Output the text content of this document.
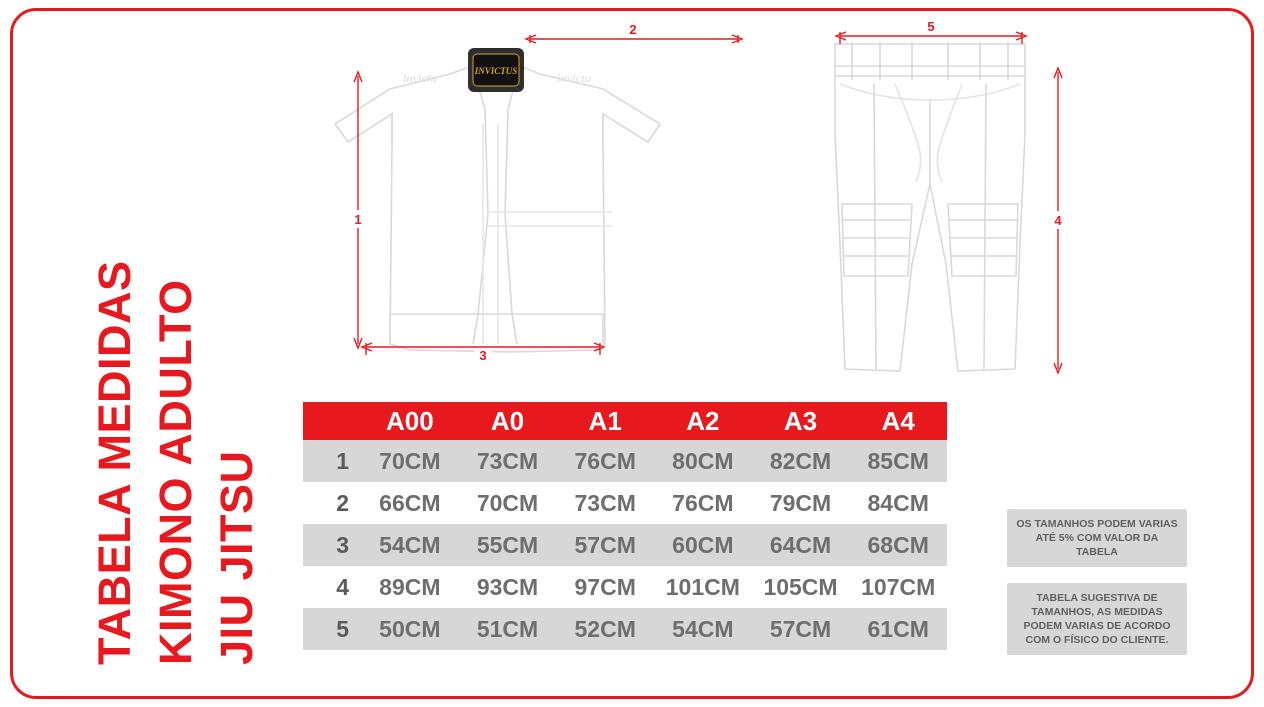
TABELA MEDIDAS KIMONO ADULTO JIU JITSU
INVICTUS
invictu	invictu
1
2
3
5
4
A00	A0	A1	A2	A3	A4
1	70CM	73CM	76CM	80CM	82CM	85CM
2	66CM	70CM	73CM	76CM	79CM	84CM
3	54CM	55CM	57CM	60CM	64CM	68CM
4	89CM	93CM	97CM	101CM	105CM	107CM
5	50CM	51CM	52CM	54CM	57CM	61CM
OS TAMANHOS PODEM VARIAS ATÉ 5% COM VALOR DA TABELA
TABELA SUGESTIVA DE TAMANHOS, AS MEDIDAS PODEM VARIAS DE ACORDO COM O FÍSICO DO CLIENTE.
